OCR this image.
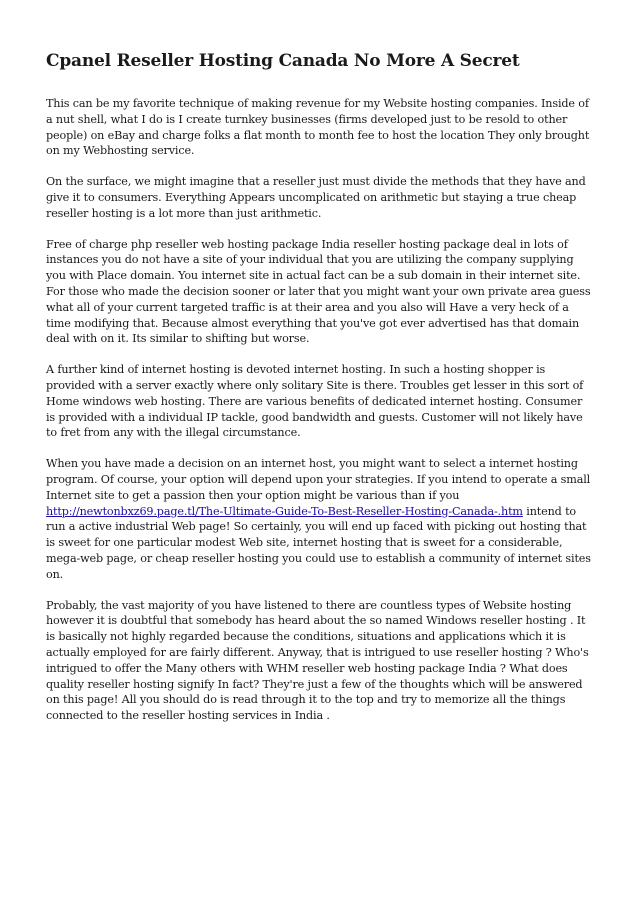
Cpanel Reseller Hosting Canada No More A Secret

This can be my favorite technique of making revenue for my Website hosting companies. Inside of a nut shell, what I do is I create turnkey businesses (firms developed just to be resold to other people) on eBay and charge folks a flat month to month fee to host the location They only brought on my Webhosting service.

On the surface, we might imagine that a reseller just must divide the methods that they have and give it to consumers. Everything Appears uncomplicated on arithmetic but staying a true cheap reseller hosting is a lot more than just arithmetic.

Free of charge php reseller web hosting package India reseller hosting package deal in lots of instances you do not have a site of your individual that you are utilizing the company supplying you with Place domain. You internet site in actual fact can be a sub domain in their internet site. For those who made the decision sooner or later that you might want your own private area guess what all of your current targeted traffic is at their area and you also will Have a very heck of a time modifying that. Because almost everything that you've got ever advertised has that domain deal with on it. Its similar to shifting but worse.

A further kind of internet hosting is devoted internet hosting. In such a hosting shopper is provided with a server exactly where only solitary Site is there. Troubles get lesser in this sort of Home windows web hosting. There are various benefits of dedicated internet hosting. Consumer is provided with a individual IP tackle, good bandwidth and guests. Customer will not likely have to fret from any with the illegal circumstance.

When you have made a decision on an internet host, you might want to select a internet hosting program. Of course, your option will depend upon your strategies. If you intend to operate a small Internet site to get a passion then your option might be various than if you http://newtonbxz69.page.tl/The-Ultimate-Guide-To-Best-Reseller-Hosting-Canada-.htm intend to run a active industrial Web page! So certainly, you will end up faced with picking out hosting that is sweet for one particular modest Web site, internet hosting that is sweet for a considerable, mega-web page, or cheap reseller hosting you could use to establish a community of internet sites on.

Probably, the vast majority of you have listened to there are countless types of Website hosting however it is doubtful that somebody has heard about the so named Windows reseller hosting . It is basically not highly regarded because the conditions, situations and applications which it is actually employed for are fairly different. Anyway, that is intrigued to use reseller hosting ? Who's intrigued to offer the Many others with WHM reseller web hosting package India ? What does quality reseller hosting signify In fact? They're just a few of the thoughts which will be answered on this page! All you should do is read through it to the top and try to memorize all the things connected to the reseller hosting services in India .
